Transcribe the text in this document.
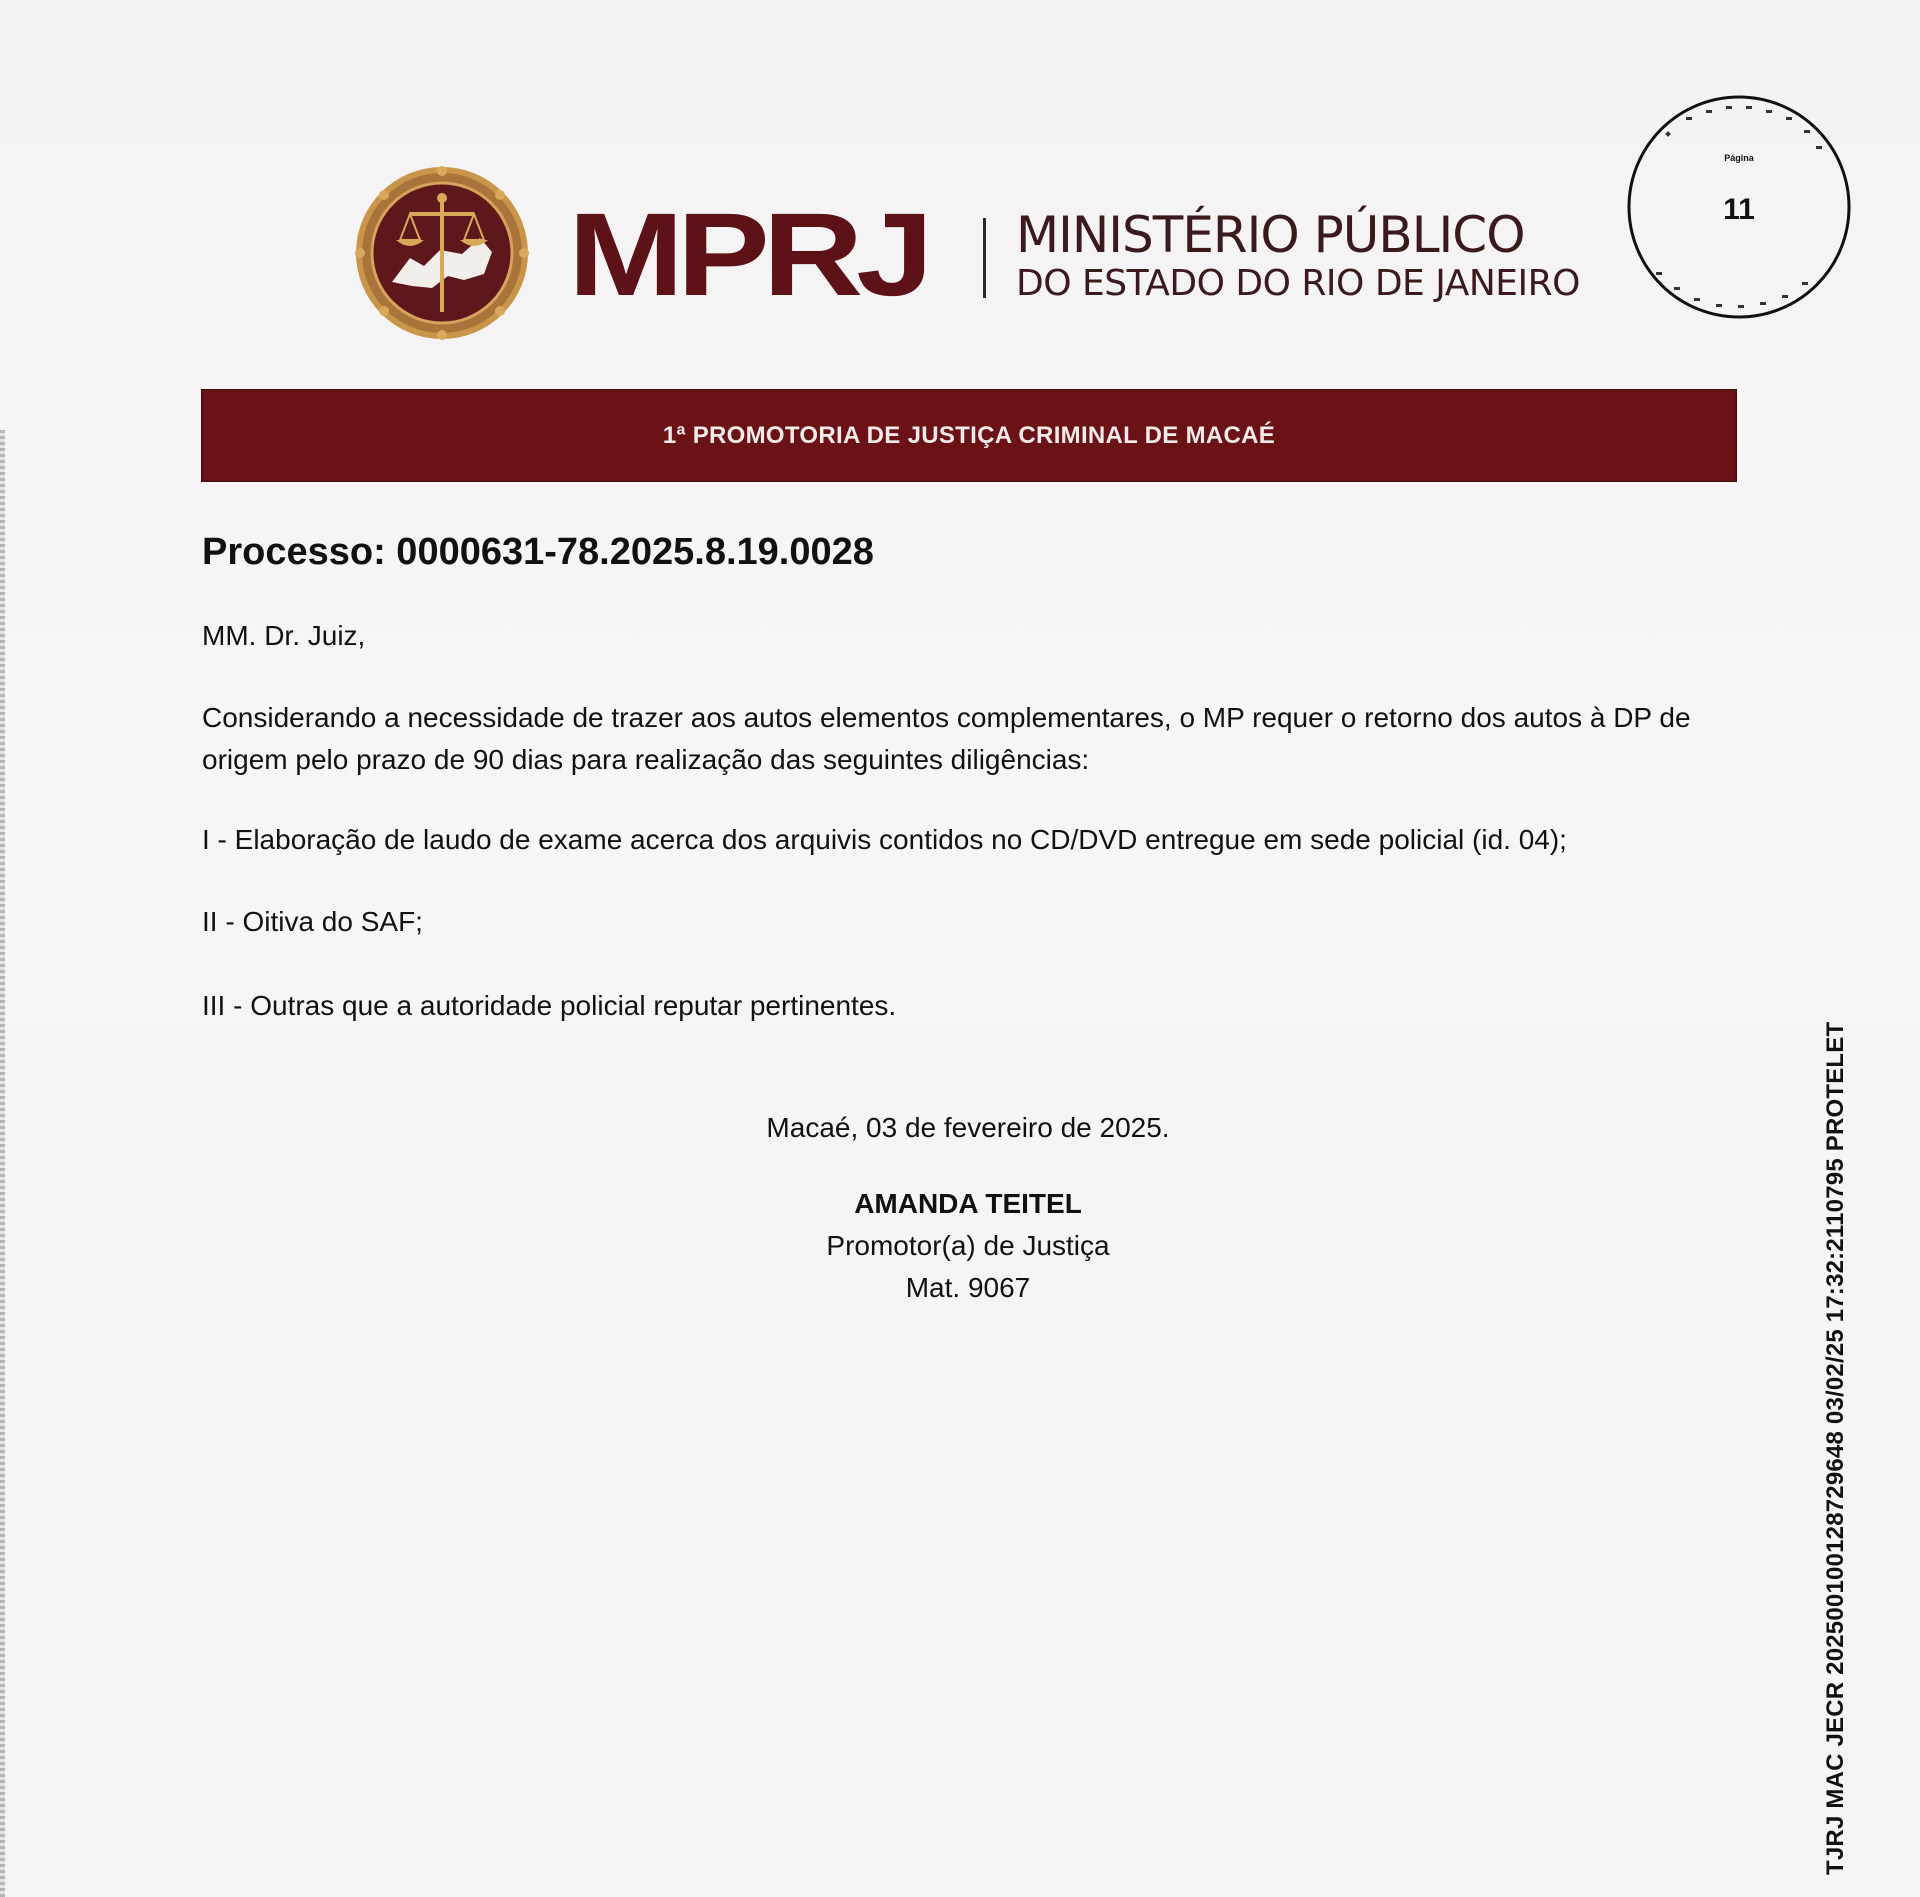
MPRJ MINISTÉRIO PÚBLICO
DO ESTADO DO RIO DE JANEIRO
Página
11
1ª PROMOTORIA DE JUSTIÇA CRIMINAL DE MACAÉ
Processo: 0000631-78.2025.8.19.0028
MM. Dr. Juiz,
Considerando a necessidade de trazer aos autos elementos complementares, o MP requer o retorno dos autos à DP de origem pelo prazo de 90 dias para realização das seguintes diligências:
I - Elaboração de laudo de exame acerca dos arquivis contidos no CD/DVD entregue em sede policial (id. 04);
II - Oitiva do SAF;
III - Outras que a autoridade policial reputar pertinentes.
Macaé, 03 de fevereiro de 2025.
AMANDA TEITEL
Promotor(a) de Justiça
Mat. 9067	TJRJ MAC JECR 202500100128729648 03/02/25 17:32:2110795 PROTELET
